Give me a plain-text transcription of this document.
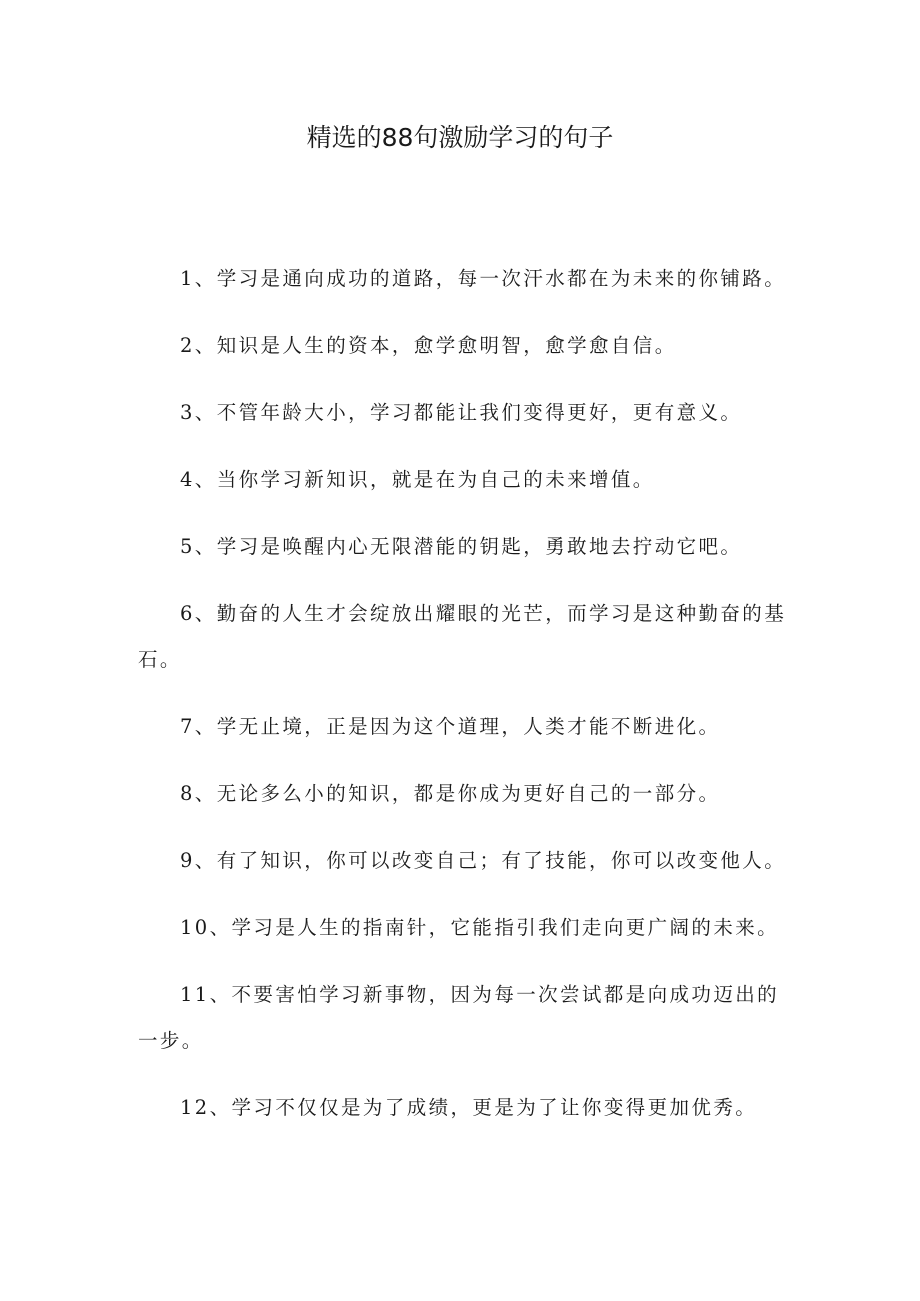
精选的88句激励学习的句子

1、学习是通向成功的道路，每一次汗水都在为未来的你铺路。

2、知识是人生的资本，愈学愈明智，愈学愈自信。

3、不管年龄大小，学习都能让我们变得更好，更有意义。

4、当你学习新知识，就是在为自己的未来增值。

5、学习是唤醒内心无限潜能的钥匙，勇敢地去拧动它吧。

6、勤奋的人生才会绽放出耀眼的光芒，而学习是这种勤奋的基石。

7、学无止境，正是因为这个道理，人类才能不断进化。

8、无论多么小的知识，都是你成为更好自己的一部分。

9、有了知识，你可以改变自己；有了技能，你可以改变他人。

10、学习是人生的指南针，它能指引我们走向更广阔的未来。

11、不要害怕学习新事物，因为每一次尝试都是向成功迈出的一步。

12、学习不仅仅是为了成绩，更是为了让你变得更加优秀。
